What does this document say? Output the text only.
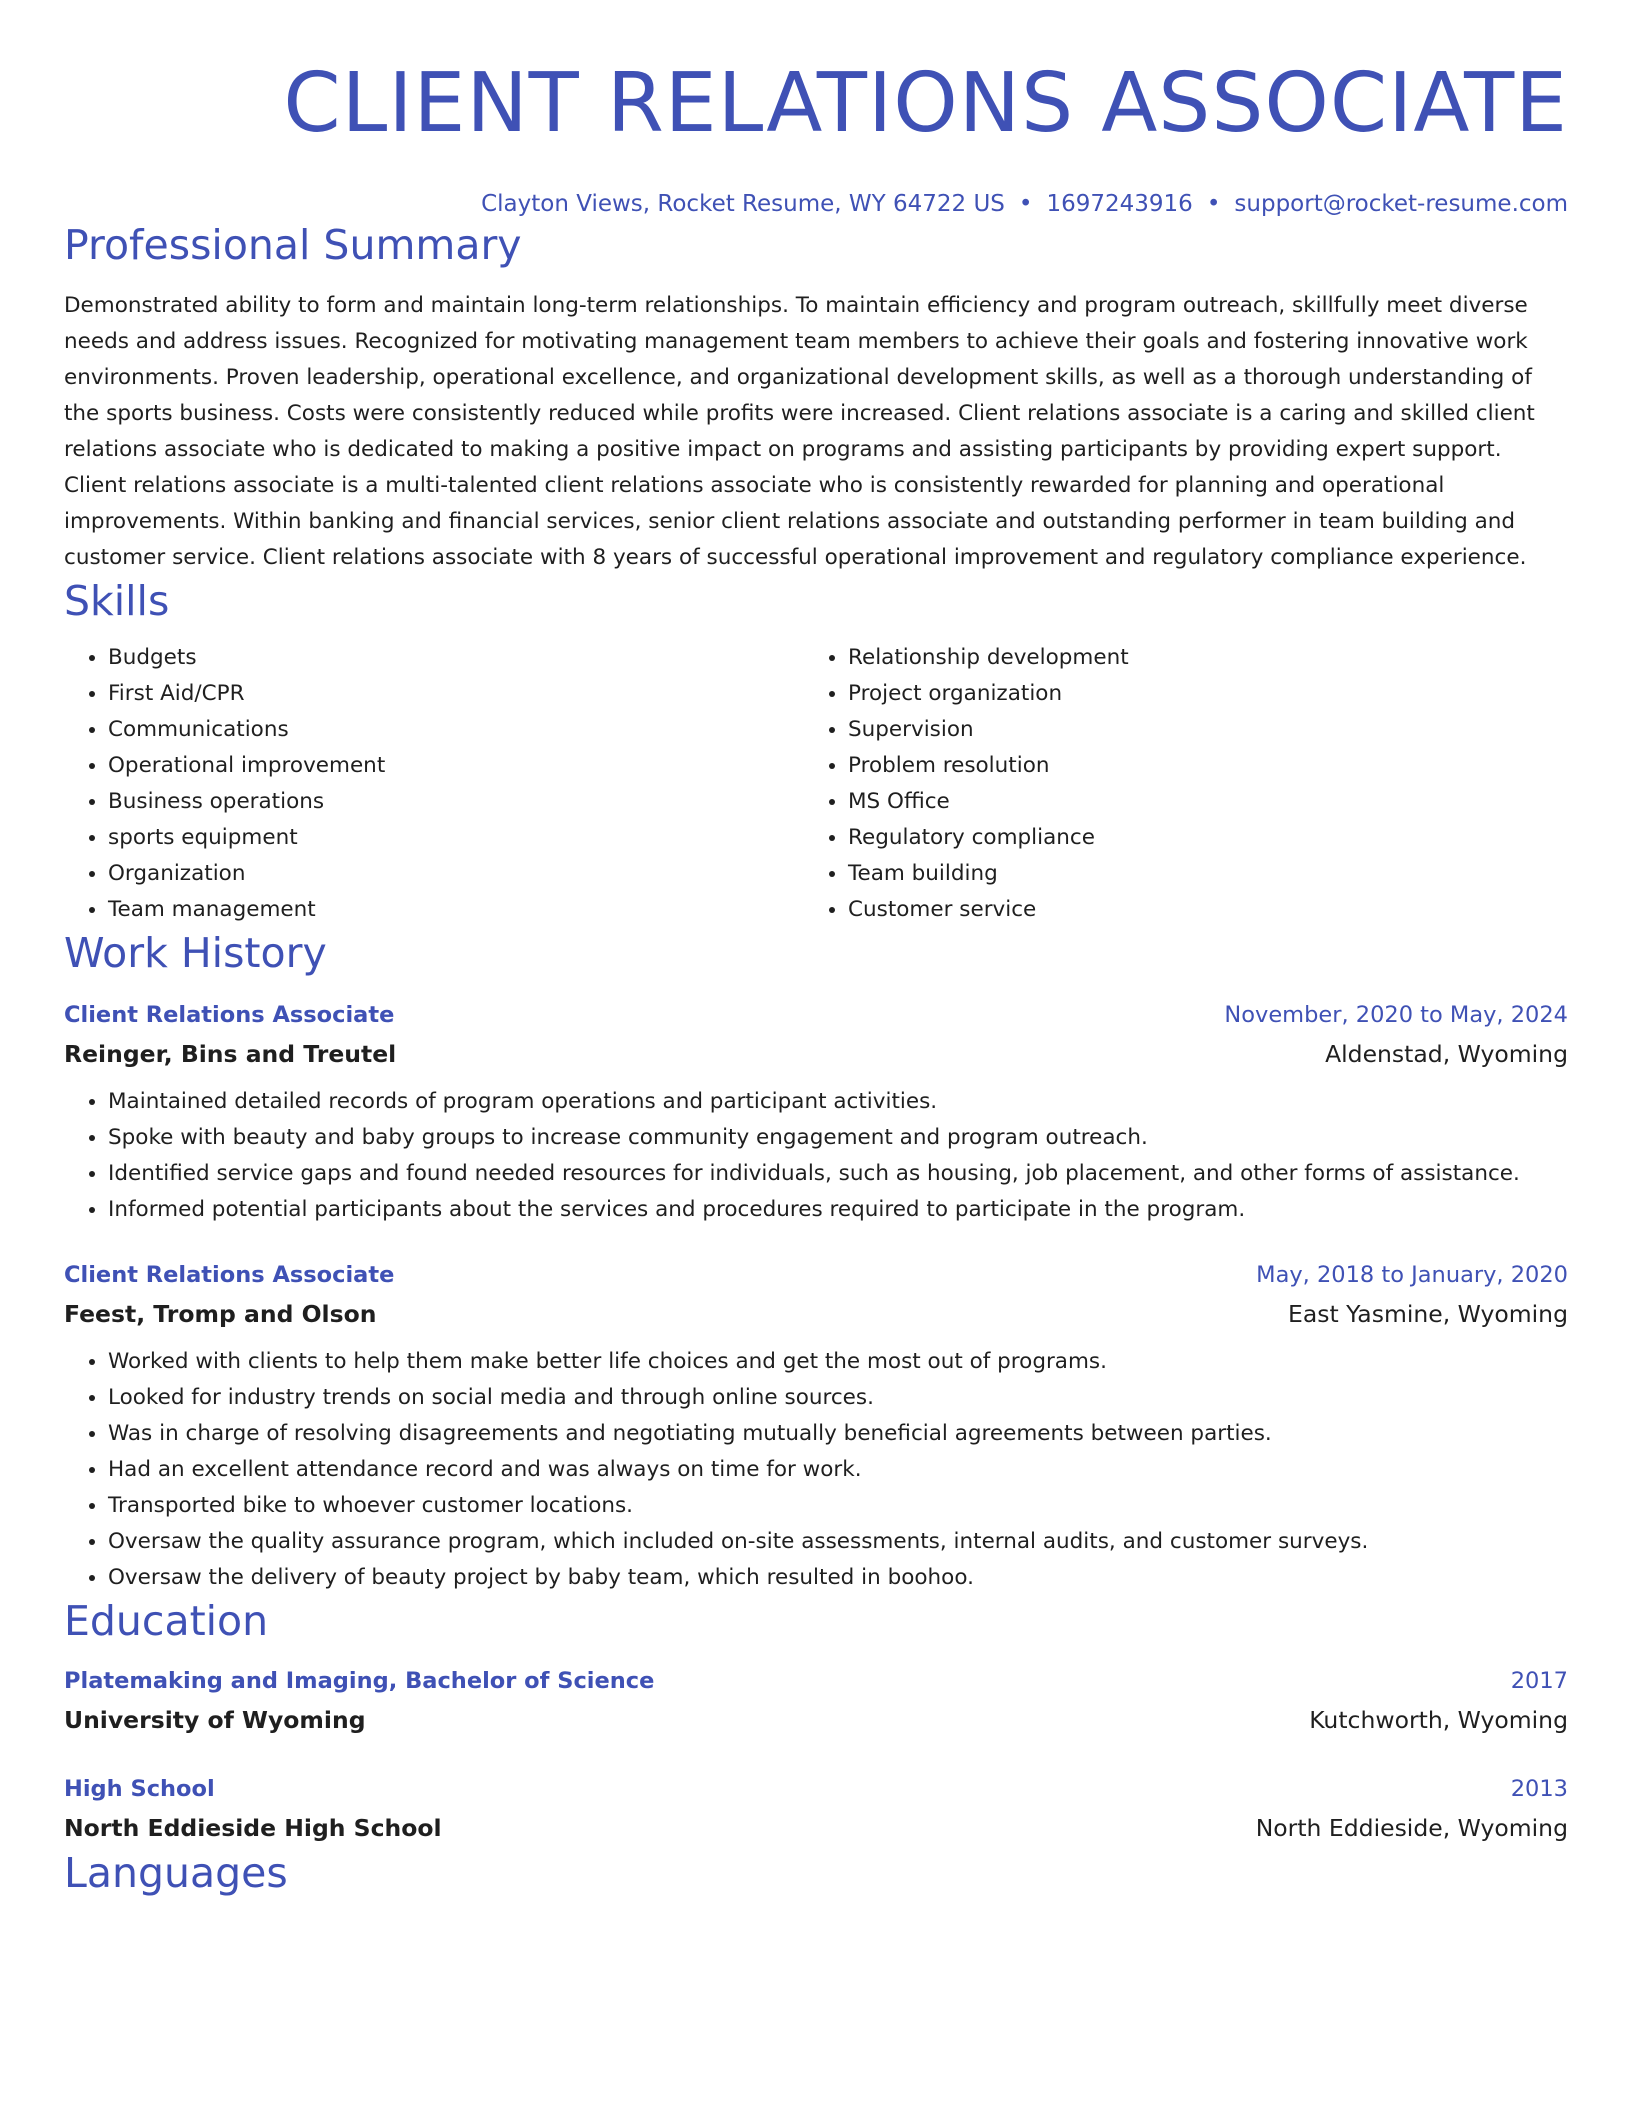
CLIENT RELATIONS ASSOCIATE
Clayton Views, Rocket Resume, WY 64722 US • 1697243916 • support@rocket-resume.com
Professional Summary
Demonstrated ability to form and maintain long-term relationships. To maintain efficiency and program outreach, skillfully meet diverse needs and address issues. Recognized for motivating management team members to achieve their goals and fostering innovative work environments. Proven leadership, operational excellence, and organizational development skills, as well as a thorough understanding of the sports business. Costs were consistently reduced while profits were increased. Client relations associate is a caring and skilled client relations associate who is dedicated to making a positive impact on programs and assisting participants by providing expert support. Client relations associate is a multi-talented client relations associate who is consistently rewarded for planning and operational improvements. Within banking and financial services, senior client relations associate and outstanding performer in team building and customer service. Client relations associate with 8 years of successful operational improvement and regulatory compliance experience.
Skills
• Budgets
• First Aid/CPR
• Communications
• Operational improvement
• Business operations
• sports equipment
• Organization
• Team management
• Relationship development
• Project organization
• Supervision
• Problem resolution
• MS Office
• Regulatory compliance
• Team building
• Customer service
Work History
Client Relations Associate	November, 2020 to May, 2024
Reinger, Bins and Treutel	Aldenstad, Wyoming
• Maintained detailed records of program operations and participant activities.
• Spoke with beauty and baby groups to increase community engagement and program outreach.
• Identified service gaps and found needed resources for individuals, such as housing, job placement, and other forms of assistance.
• Informed potential participants about the services and procedures required to participate in the program.
Client Relations Associate	May, 2018 to January, 2020
Feest, Tromp and Olson	East Yasmine, Wyoming
• Worked with clients to help them make better life choices and get the most out of programs.
• Looked for industry trends on social media and through online sources.
• Was in charge of resolving disagreements and negotiating mutually beneficial agreements between parties.
• Had an excellent attendance record and was always on time for work.
• Transported bike to whoever customer locations.
• Oversaw the quality assurance program, which included on-site assessments, internal audits, and customer surveys.
• Oversaw the delivery of beauty project by baby team, which resulted in boohoo.
Education
Platemaking and Imaging, Bachelor of Science	2017
University of Wyoming	Kutchworth, Wyoming
High School	2013
North Eddieside High School	North Eddieside, Wyoming
Languages
